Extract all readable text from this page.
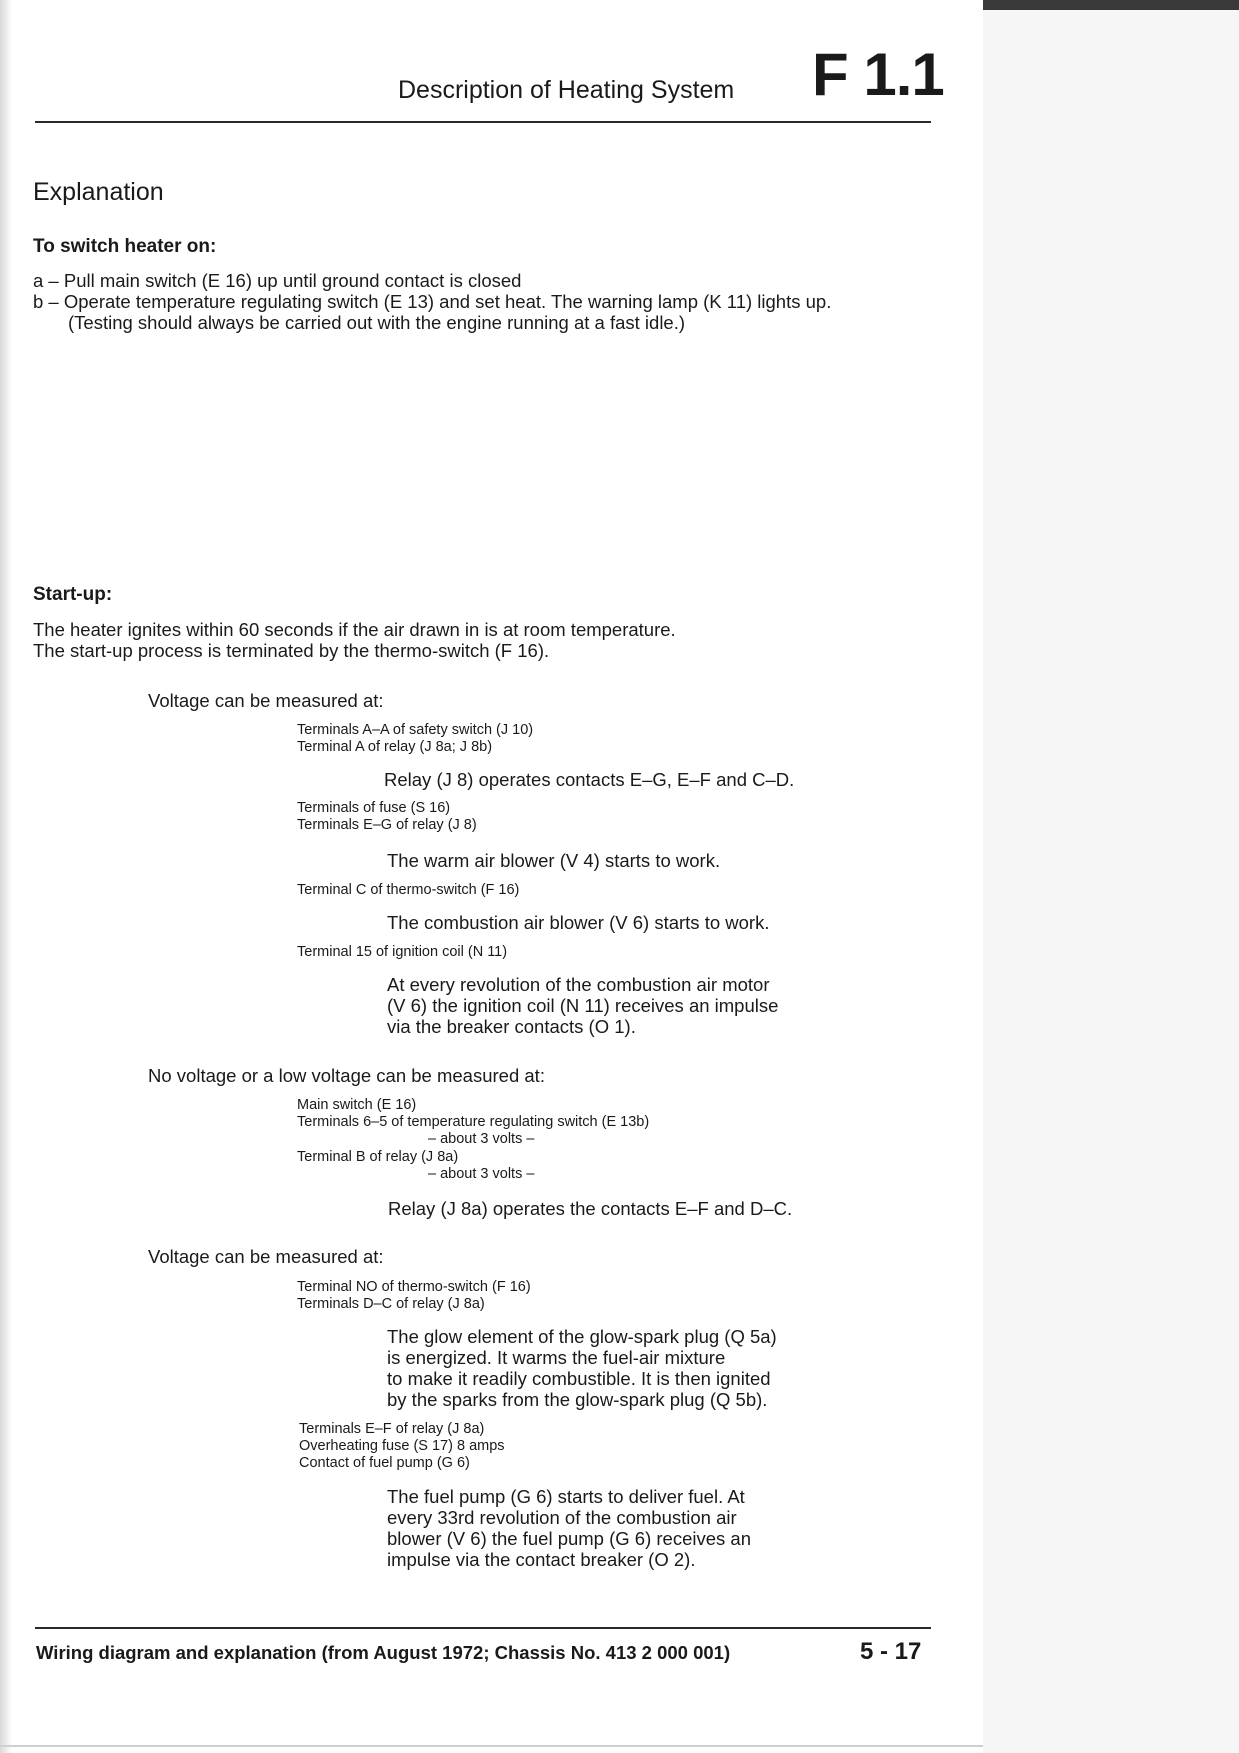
Description of Heating System F 1.1
Explanation
To switch heater on:
a – Pull main switch (E 16) up until ground contact is closed
b – Operate temperature regulating switch (E 13) and set heat. The warning lamp (K 11) lights up.
(Testing should always be carried out with the engine running at a fast idle.)
Start-up:
The heater ignites within 60 seconds if the air drawn in is at room temperature.
The start-up process is terminated by the thermo-switch (F 16).
Voltage can be measured at:
Terminals A–A of safety switch (J 10)
Terminal A of relay (J 8a; J 8b)
Relay (J 8) operates contacts E–G, E–F and C–D.
Terminals of fuse (S 16)
Terminals E–G of relay (J 8)
The warm air blower (V 4) starts to work.
Terminal C of thermo-switch (F 16)
The combustion air blower (V 6) starts to work.
Terminal 15 of ignition coil (N 11)
At every revolution of the combustion air motor
(V 6) the ignition coil (N 11) receives an impulse
via the breaker contacts (O 1).
No voltage or a low voltage can be measured at:
Main switch (E 16)
Terminals 6–5 of temperature regulating switch (E 13b)
– about 3 volts –
Terminal B of relay (J 8a)
– about 3 volts –
Relay (J 8a) operates the contacts E–F and D–C.
Voltage can be measured at:
Terminal NO of thermo-switch (F 16)
Terminals D–C of relay (J 8a)
The glow element of the glow-spark plug (Q 5a)
is energized. It warms the fuel-air mixture
to make it readily combustible. It is then ignited
by the sparks from the glow-spark plug (Q 5b).
Terminals E–F of relay (J 8a)
Overheating fuse (S 17) 8 amps
Contact of fuel pump (G 6)
The fuel pump (G 6) starts to deliver fuel. At
every 33rd revolution of the combustion air
blower (V 6) the fuel pump (G 6) receives an
impulse via the contact breaker (O 2).
Wiring diagram and explanation (from August 1972; Chassis No. 413 2 000 001)	5 - 17
